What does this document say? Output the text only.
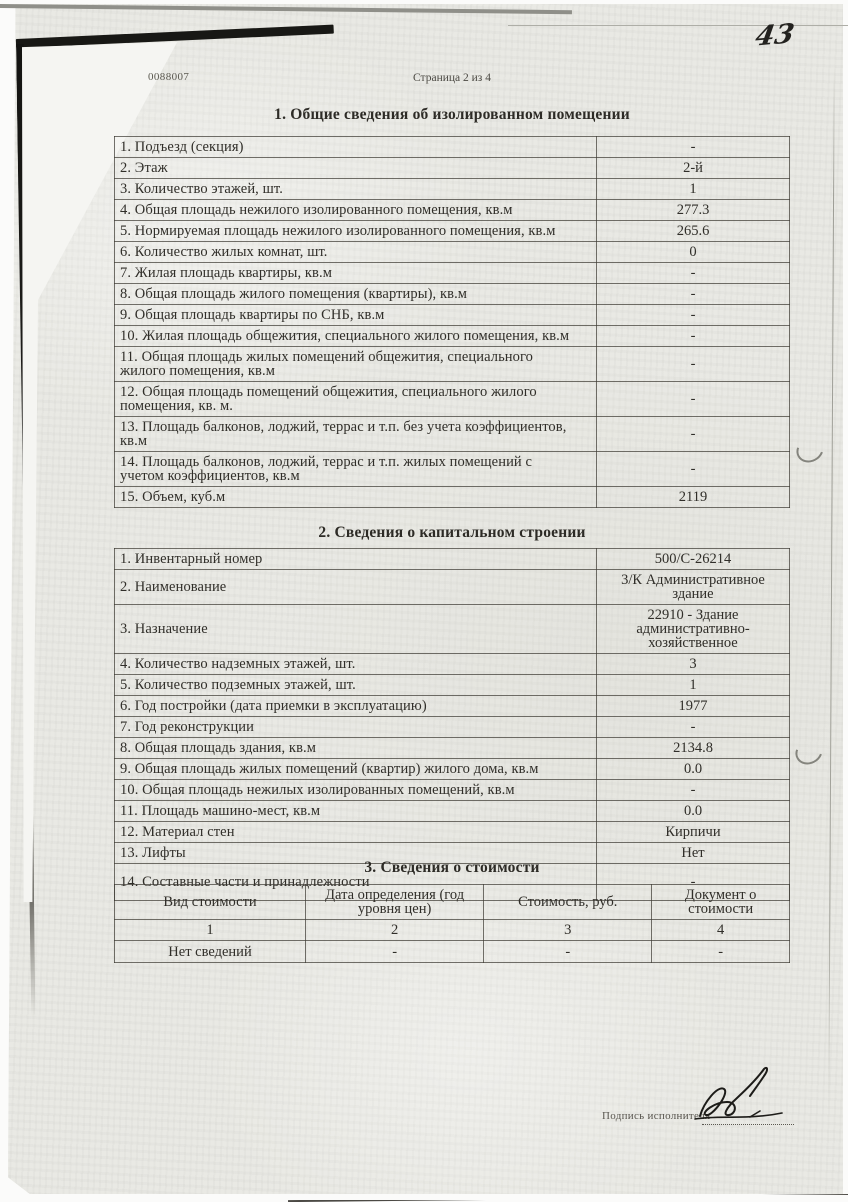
0088007	Страница 2 из 4
43
1. Общие сведения об изолированном помещении
1. Подъезд (секция)	-
2. Этаж	2-й
3. Количество этажей, шт.	1
4. Общая площадь нежилого изолированного помещения, кв.м	277.3
5. Нормируемая площадь нежилого изолированного помещения, кв.м	265.6
6. Количество жилых комнат, шт.	0
7. Жилая площадь квартиры, кв.м	-
8. Общая площадь жилого помещения (квартиры), кв.м	-
9. Общая площадь квартиры по СНБ, кв.м	-
10. Жилая площадь общежития, специального жилого помещения, кв.м	-
11. Общая площадь жилых помещений общежития, специального жилого помещения, кв.м	-
12. Общая площадь помещений общежития, специального жилого помещения, кв. м.	-
13. Площадь балконов, лоджий, террас и т.п. без учета коэффициентов, кв.м	-
14. Площадь балконов, лоджий, террас и т.п. жилых помещений с учетом коэффициентов, кв.м	-
15. Объем, куб.м	2119
2. Сведения о капитальном строении
1. Инвентарный номер	500/C-26214
2. Наименование	3/К Административное здание
3. Назначение	22910 - Здание административно-хозяйственное
4. Количество надземных этажей, шт.	3
5. Количество подземных этажей, шт.	1
6. Год постройки (дата приемки в эксплуатацию)	1977
7. Год реконструкции	-
8. Общая площадь здания, кв.м	2134.8
9. Общая площадь жилых помещений (квартир) жилого дома, кв.м	0.0
10. Общая площадь нежилых изолированных помещений, кв.м	-
11. Площадь машино-мест, кв.м	0.0
12. Материал стен	Кирпичи
13. Лифты	Нет
14. Составные части и принадлежности	-
3. Сведения о стоимости
Вид стоимости	Дата определения (год уровня цен)	Стоимость, руб.	Документ о стоимости
1	2	3	4
Нет сведений	-	-	-
Подпись исполнителя
